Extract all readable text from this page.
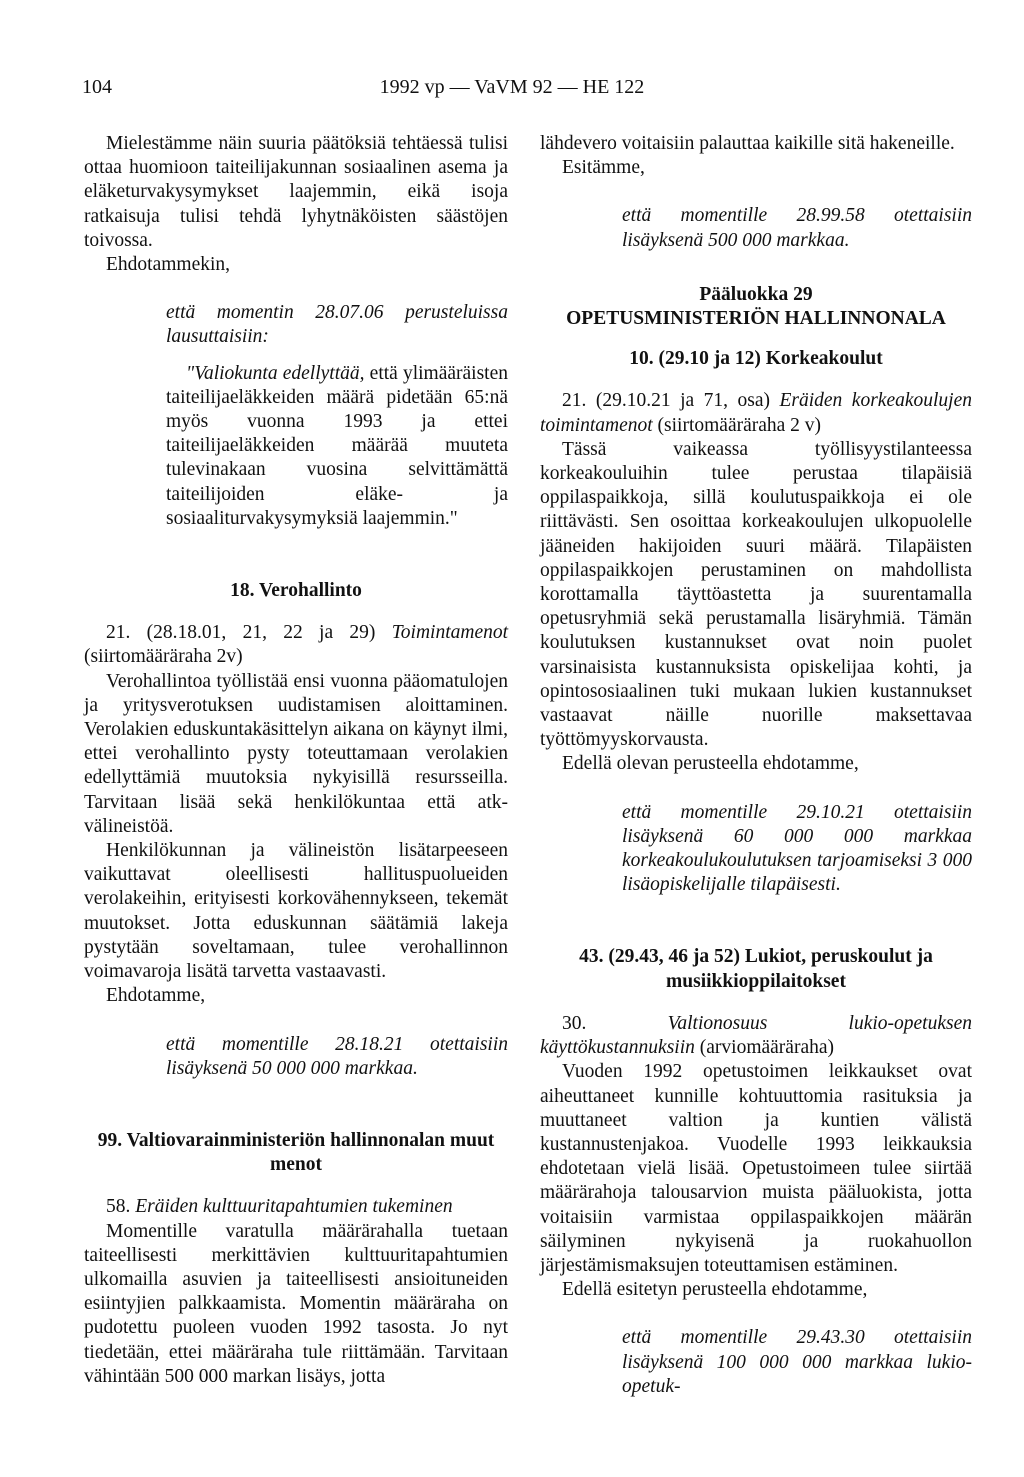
104	1992 vp — VaVM 92 — HE 122

Mielestämme näin suuria päätöksiä tehtäessä tulisi ottaa huomioon taiteilijakunnan sosiaalinen asema ja eläketurvakysymykset laajemmin, eikä isoja ratkaisuja tulisi tehdä lyhytnäköisten säästöjen toivossa.

Ehdotammekin,

että momentin 28.07.06 perusteluissa lausuttaisiin:

"Valiokunta edellyttää, että ylimääräisten taiteilijaeläkkeiden määrä pidetään 65:nä myös vuonna 1993 ja ettei taiteilijaeläkkeiden määrää muuteta tulevinakaan vuosina selvittämättä taiteilijoiden eläke- ja sosiaaliturvakysymyksiä laajemmin."

18. Verohallinto

21. (28.18.01, 21, 22 ja 29) Toimintamenot (siirtomääräraha 2v)

Verohallintoa työllistää ensi vuonna pääomatulojen ja yritysverotuksen uudistamisen aloittaminen. Verolakien eduskuntakäsittelyn aikana on käynyt ilmi, ettei verohallinto pysty toteuttamaan verolakien edellyttämiä muutoksia nykyisillä resursseilla. Tarvitaan lisää sekä henkilökuntaa että atk-välineistöä.

Henkilökunnan ja välineistön lisätarpeeseen vaikuttavat oleellisesti hallituspuolueiden verolakeihin, erityisesti korkovähennykseen, tekemät muutokset. Jotta eduskunnan säätämiä lakeja pystytään soveltamaan, tulee verohallinnon voimavaroja lisätä tarvetta vastaavasti.

Ehdotamme,

että momentille 28.18.21 otettaisiin lisäyksenä 50 000 000 markkaa.

99. Valtiovarainministeriön hallinnonalan muut menot

58. Eräiden kulttuuritapahtumien tukeminen

Momentille varatulla määrärahalla tuetaan taiteellisesti merkittävien kulttuuritapahtumien ulkomailla asuvien ja taiteellisesti ansioituneiden esiintyjien palkkaamista. Momentin määräraha on pudotettu puoleen vuoden 1992 tasosta. Jo nyt tiedetään, ettei määräraha tule riittämään. Tarvitaan vähintään 500 000 markan lisäys, jotta

lähdevero voitaisiin palauttaa kaikille sitä hakeneille.

Esitämme,

että momentille 28.99.58 otettaisiin lisäyksenä 500 000 markkaa.

Pääluokka 29

OPETUSMINISTERIÖN HALLINNONALA

10. (29.10 ja 12) Korkeakoulut

21. (29.10.21 ja 71, osa) Eräiden korkeakoulujen toimintamenot (siirtomääräraha 2 v)

Tässä vaikeassa työllisyystilanteessa korkeakouluihin tulee perustaa tilapäisiä oppilaspaikkoja, sillä koulutuspaikkoja ei ole riittävästi. Sen osoittaa korkeakoulujen ulkopuolelle jääneiden hakijoiden suuri määrä. Tilapäisten oppilaspaikkojen perustaminen on mahdollista korottamalla täyttöastetta ja suurentamalla opetusryhmiä sekä perustamalla lisäryhmiä. Tämän koulutuksen kustannukset ovat noin puolet varsinaisista kustannuksista opiskelijaa kohti, ja opintososiaalinen tuki mukaan lukien kustannukset vastaavat näille nuorille maksettavaa työttömyyskorvausta.

Edellä olevan perusteella ehdotamme,

että momentille 29.10.21 otettaisiin lisäyksenä 60 000 000 markkaa korkeakoulukoulutuksen tarjoamiseksi 3 000 lisäopiskelijalle tilapäisesti.

43. (29.43, 46 ja 52) Lukiot, peruskoulut ja musiikkioppilaitokset

30.	Valtionosuus lukio-opetuksen käyttökustannuksiin (arviomääräraha)

Vuoden 1992 opetustoimen leikkaukset ovat aiheuttaneet kunnille kohtuuttomia rasituksia ja muuttaneet valtion ja kuntien välistä kustannustenjakoa. Vuodelle 1993 leikkauksia ehdotetaan vielä lisää. Opetustoimeen tulee siirtää määrärahoja talousarvion muista pääluokista, jotta voitaisiin varmistaa oppilaspaikkojen määrän säilyminen nykyisenä ja ruokahuollon järjestämismaksujen toteuttamisen estäminen.

Edellä esitetyn perusteella ehdotamme,

että momentille 29.43.30 otettaisiin lisäyksenä 100 000 000 markkaa lukio-opetuk-
